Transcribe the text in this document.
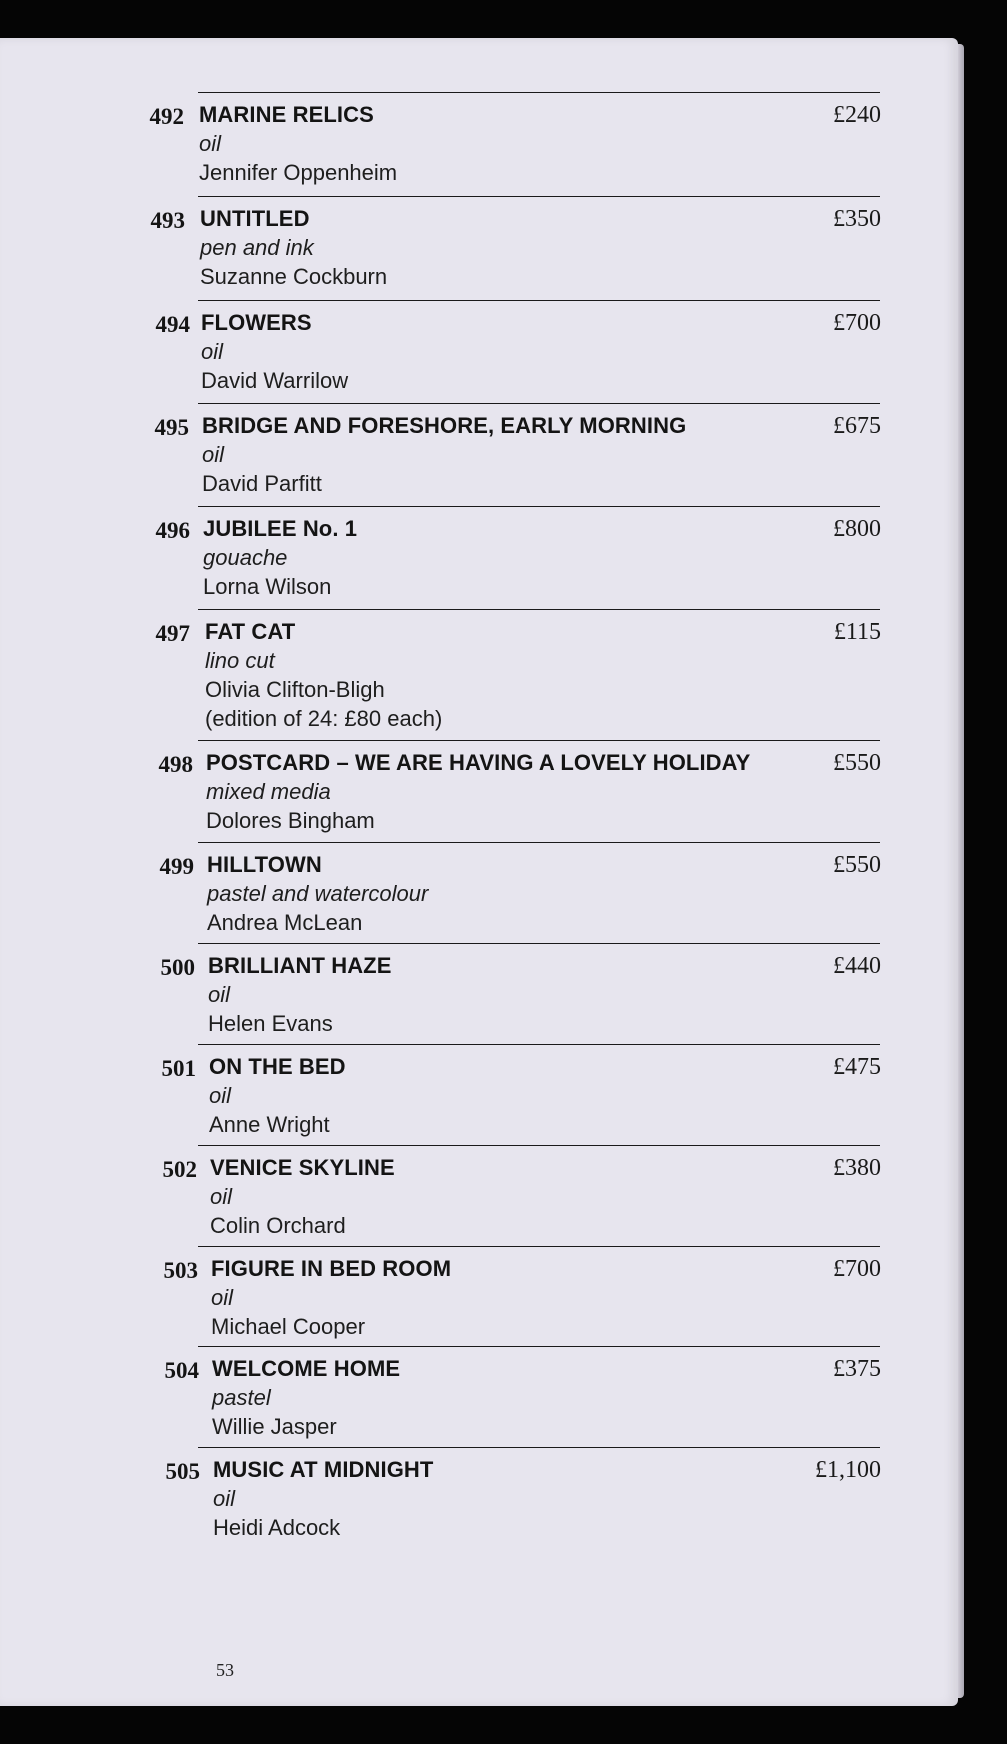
492 MARINE RELICS
oil
Jennifer Oppenheim
£240
493 UNTITLED
pen and ink
Suzanne Cockburn
£350
494 FLOWERS
oil
David Warrilow
£700
495 BRIDGE AND FORESHORE, EARLY MORNING
oil
David Parfitt
£675
496 JUBILEE No. 1
gouache
Lorna Wilson
£800
497 FAT CAT
lino cut
Olivia Clifton-Bligh
(edition of 24: £80 each)
£115
498 POSTCARD – WE ARE HAVING A LOVELY HOLIDAY
mixed media
Dolores Bingham
£550
499 HILLTOWN
pastel and watercolour
Andrea McLean
£550
500 BRILLIANT HAZE
oil
Helen Evans
£440
501 ON THE BED
oil
Anne Wright
£475
502 VENICE SKYLINE
oil
Colin Orchard
£380
503 FIGURE IN BED ROOM
oil
Michael Cooper
£700
504 WELCOME HOME
pastel
Willie Jasper
£375
505 MUSIC AT MIDNIGHT
oil
Heidi Adcock
£1,100
53
